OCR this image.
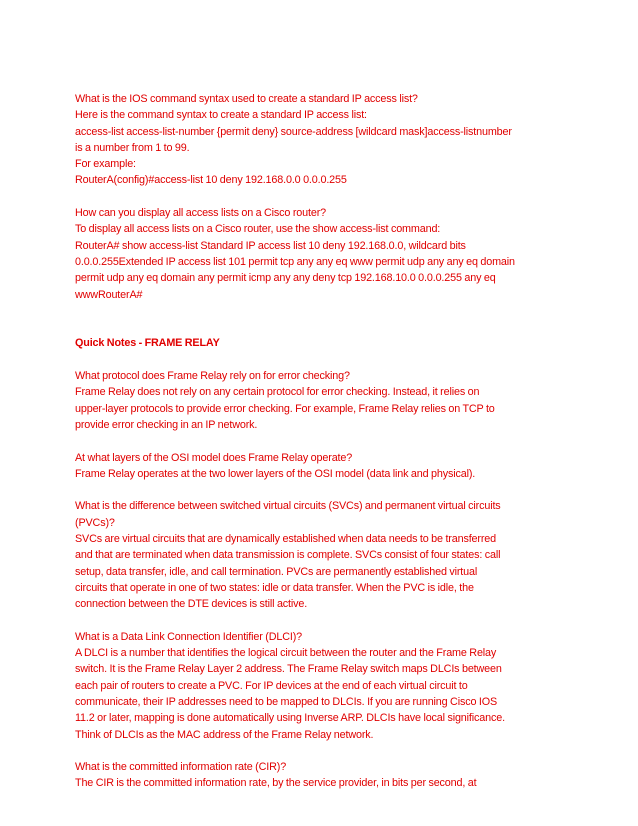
What is the IOS command syntax used to create a standard IP access list?
Here is the command syntax to create a standard IP access list:
access-list access-list-number {permit deny} source-address [wildcard mask]access-listnumber
is a number from 1 to 99.
For example:
RouterA(config)#access-list 10 deny 192.168.0.0 0.0.0.255
How can you display all access lists on a Cisco router?
To display all access lists on a Cisco router, use the show access-list command:
RouterA# show access-list Standard IP access list 10 deny 192.168.0.0, wildcard bits
0.0.0.255Extended IP access list 101 permit tcp any any eq www permit udp any any eq domain
permit udp any eq domain any permit icmp any any deny tcp 192.168.10.0 0.0.0.255 any eq
wwwRouterA#
Quick Notes - FRAME RELAY
What protocol does Frame Relay rely on for error checking?
Frame Relay does not rely on any certain protocol for error checking. Instead, it relies on
upper-layer protocols to provide error checking. For example, Frame Relay relies on TCP to
provide error checking in an IP network.
At what layers of the OSI model does Frame Relay operate?
Frame Relay operates at the two lower layers of the OSI model (data link and physical).
What is the difference between switched virtual circuits (SVCs) and permanent virtual circuits
(PVCs)?
SVCs are virtual circuits that are dynamically established when data needs to be transferred
and that are terminated when data transmission is complete. SVCs consist of four states: call
setup, data transfer, idle, and call termination. PVCs are permanently established virtual
circuits that operate in one of two states: idle or data transfer. When the PVC is idle, the
connection between the DTE devices is still active.
What is a Data Link Connection Identifier (DLCI)?
A DLCI is a number that identifies the logical circuit between the router and the Frame Relay
switch. It is the Frame Relay Layer 2 address. The Frame Relay switch maps DLCIs between
each pair of routers to create a PVC. For IP devices at the end of each virtual circuit to
communicate, their IP addresses need to be mapped to DLCIs. If you are running Cisco IOS
11.2 or later, mapping is done automatically using Inverse ARP. DLCIs have local significance.
Think of DLCIs as the MAC address of the Frame Relay network.
What is the committed information rate (CIR)?
The CIR is the committed information rate, by the service provider, in bits per second, at
